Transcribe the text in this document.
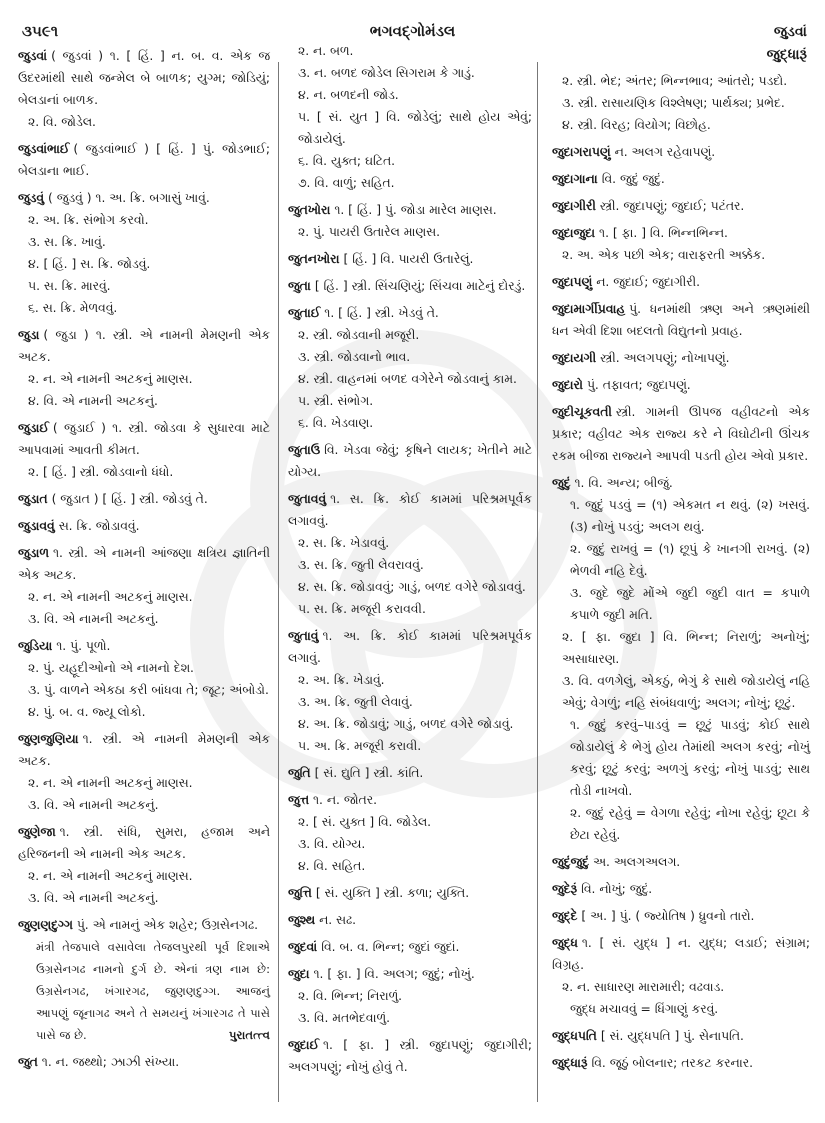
૩૫૯૧	ભગવદ્ગોમંડલ	જુડવાં
જુદ્ધારૂં

જુડવાં ( જુડવાં ) ૧. [ હિં. ] ન. બ. વ. એક જ ઉદરમાંથી સાથે જન્મેલ બે બાળક; યુગ્મ; જોડિયું; બેલડાનાં બાળક.

૨. વિ. જોડેલ.

જુડવાંભાઈ ( જુડવાંભાઈ ) [ હિં. ] પું. જોડભાઈ; બેલડાના ભાઈ.

જુડવું ( જુડવું ) ૧. અ. ક્રિ. બગાસું ખાવું.

૨. અ. ક્રિ. સંભોગ કરવો.

૩. સ. ક્રિ. ખાવું.

૪. [ હિં. ] સ. ક્રિ. જોડવું.

૫. સ. ક્રિ. મારવું.

૬. સ. ક્રિ. મેળવવું.

જુડા ( જુડા ) ૧. સ્ત્રી. એ નામની મેમણની એક અટક.

૨. ન. એ નામની અટકનું માણસ.

૪. વિ. એ નામની અટકનું.

જુડાઈ ( જુડાઈ ) ૧. સ્ત્રી. જોડવા કે સુધારવા માટે આપવામાં આવતી કીમત.

૨. [ હિં. ] સ્ત્રી. જોડવાનો ધંધો.

જુડાત ( જુડાત ) [ હિં. ] સ્ત્રી. જોડવું તે.

જુડાવવું સ. ક્રિ. જોડાવવું.

જુડાળ ૧. સ્ત્રી. એ નામની આંજણા ક્ષત્રિય જ્ઞાતિની એક અટક.

૨. ન. એ નામની અટકનું માણસ.

૩. વિ. એ નામની અટકનું.

જુડિયા ૧. પું. પૂળો.

૨. પું. યહૂદીઓનો એ નામનો દેશ.

૩. પું. વાળને એકઠા કરી બાંધવા તે; જૂટ; અંબોડો.

૪. પું. બ. વ. જ્યૂ લોકો.

જુણજુણિયા ૧. સ્ત્રી. એ નામની મેમણની એક અટક.

૨. ન. એ નામની અટકનું માણસ.

૩. વિ. એ નામની અટકનું.

જુણેજા ૧. સ્ત્રી. સંધિ, સુમરા, હજામ અને હરિજનની એ નામની એક અટક.

૨. ન. એ નામની અટકનું માણસ.

૩. વિ. એ નામની અટકનું.

જુણણદુગ્ગ પું. એ નામનું એક શહેર; ઉગ્રસેનગઢ.

મંત્રી તેજપાલે વસાવેલા તેજલપુરથી પૂર્વ દિશાએ ઉગ્રસેનગઢ નામનો દુર્ગ છે. એનાં ત્રણ નામ છે: ઉગ્રસેનગઢ, ખંગારગઢ, જુણણદુગ્ગ. આજનું આપણું જૂનાગઢ અને તે સમયનું ખંગારગઢ તે પાસે પાસે જ છે.	પુરાતત્ત્વ

જુત ૧. ન. જથ્થો; ઝાઝી સંખ્યા.

૨. ન. બળ.

૩. ન. બળદ જોડેલ સિગરામ કે ગાડું.

૪. ન. બળદની જોડ.

૫. [ સં. યુત ] વિ. જોડેલું; સાથે હોય એવું; જોડાયેલું.

૬. વિ. યુક્ત; ઘટિત.

૭. વિ. વાળું; સહિત.

જુતખોરા ૧. [ હિં. ] પું. જોડા મારેલ માણસ.

૨. પું. પાયરી ઉતારેલ માણસ.

જુતનખોરા [ હિં. ] વિ. પાયરી ઉતારેલું.

જુતા [ હિં. ] સ્ત્રી. સિંચણિયું; સિંચવા માટેનું દોરડું.

જુતાઈ ૧. [ હિં. ] સ્ત્રી. ખેડવું તે.

૨. સ્ત્રી. જોડવાની મજૂરી.

૩. સ્ત્રી. જોડવાનો ભાવ.

૪. સ્ત્રી. વાહનમાં બળદ વગેરેને જોડવાનું કામ.

૫. સ્ત્રી. સંભોગ.

૬. વિ. ખેડવાણ.

જુતાઉ વિ. ખેડવા જેવું; કૃષિને લાયક; ખેતીને માટે યોગ્ય.

જુતાવવું ૧. સ. ક્રિ. કોઈ કામમાં પરિશ્રમપૂર્વક લગાવવું.

૨. સ. ક્રિ. ખેડાવવું.

૩. સ. ક્રિ. જુતી લેવરાવવું.

૪. સ. ક્રિ. જોડાવવું; ગાડું, બળદ વગેરે જોડાવવું.

૫. સ. ક્રિ. મજૂરી કરાવવી.

જુતાવું ૧. અ. ક્રિ. કોઈ કામમાં પરિશ્રમપૂર્વક લગાવું.

૨. અ. ક્રિ. ખેડાવું.

૩. અ. ક્રિ. જુતી લેવાવું.

૪. અ. ક્રિ. જોડાવું; ગાડું, બળદ વગેરે જોડાવું.

૫. અ. ક્રિ. મજૂરી કરાવી.

જુતિ [ સં. દ્યુતિ ] સ્ત્રી. કાંતિ.

જુત્ત ૧. ન. જોતર.

૨. [ સં. યુક્ત ] વિ. જોડેલ.

૩. વિ. યોગ્ય.

૪. વિ. સહિત.

જુત્તિ [ સં. યુક્તિ ] સ્ત્રી. કળા; યુક્તિ.

જુશ્થ ન. સઢ.

જુદવાં વિ. બ. વ. ભિન્ન; જુદાં જુદાં.

જુદા ૧. [ ફા. ] વિ. અલગ; જુદું; નોખું.

૨. વિ. ભિન્ન; નિરાળું.

૩. વિ. મતભેદવાળું.

જુદાઈ ૧. [ ફા. ] સ્ત્રી. જુદાપણું; જુદાગીરી; અલગપણું; નોખું હોવું તે.

૨. સ્ત્રી. ભેદ; અંતર; ભિન્નભાવ; આંતરો; પડદો.

૩. સ્ત્રી. રાસાયણિક વિશ્લેષણ; પાર્થક્ય; પ્રભેદ.

૪. સ્ત્રી. વિરહ; વિયોગ; વિછોહ.

જુદાગરાપણું ન. અલગ રહેવાપણું.

જુદાગાના વિ. જુદું જુદું.

જુદાગીરી સ્ત્રી. જુદાપણું; જુદાઈ; પટંતર.

જુદાજુદા ૧. [ ફા. ] વિ. ભિન્નભિન્ન.

૨. અ. એક પછી એક; વારાફરતી અક્કેક.

જુદાપણું ન. જુદાઈ; જુદાગીરી.

જુદામાર્ગીપ્રવાહ પું. ધનમાંથી ઋણ અને ઋણમાંથી ધન એવી દિશા બદલતો વિદ્યુતનો પ્રવાહ.

જુદાયગી સ્ત્રી. અલગપણું; નોખાપણું.

જુદારો પું. તફાવત; જુદાપણું.

જુદીચૂકવતી સ્ત્રી. ગામની ઊપજ વહીવટનો એક પ્રકાર; વહીવટ એક રાજ્ય કરે ને વિઘોટીની ઊંચક રકમ બીજા રાજ્યને આપવી પડતી હોય એવો પ્રકાર.

જુદું ૧. વિ. અન્ય; બીજું.

૧. જુદું પડવું = (૧) એકમત ન થવું. (૨) ખસવું. (૩) નોખું પડવું; અલગ થવું.

૨. જુદું રાખવું = (૧) છૂપું કે ખાનગી રાખવું. (૨) ભેળવી નહિ દેવું.

૩. જુદે જુદે મોંએ જુદી જુદી વાત = કપાળે કપાળે જુદી મતિ.

૨. [ ફા. જુદા ] વિ. ભિન્ન; નિરાળું; અનોખું; અસાધારણ.

૩. વિ. વળગેલું, એકઠું, ભેગું કે સાથે જોડાયેલું નહિ એવું; વેગળું; નહિ સંબંધવાળું; અલગ; નોખું; છૂટું.

૧. જુદું કરવું–પાડવું = છૂટું પાડવું; કોઈ સાથે જોડાયેલું કે ભેગું હોય તેમાંથી અલગ કરવું; નોખું કરવું; છૂટું કરવું; અળગું કરવું; નોખું પાડવું; સાથ તોડી નાખવો.

૨. જુદું રહેવું = વેગળા રહેવું; નોખા રહેવું; છૂટા કે છેટા રહેવું.

જુદુંજુદું અ. અલગઅલગ.

જુદેરૂં વિ. નોખું; જુદું.

જુદ્દે [ અ. ] પું. ( જ્યોતિષ ) ધ્રુવનો તારો.

જુદ્ધ ૧. [ સં. યુદ્ધ ] ન. યુદ્ધ; લડાઈ; સંગ્રામ; વિગ્રહ.

૨. ન. સાધારણ મારામારી; વઢવાડ.

જુદ્ધ મચાવવું = ધિંગાણું કરવું.

જુદ્ધપતિ [ સં. યુદ્ધપતિ ] પું. સેનાપતિ.

જુદ્ધારૂં વિ. જૂઠું બોલનાર; તરકટ કરનાર.
